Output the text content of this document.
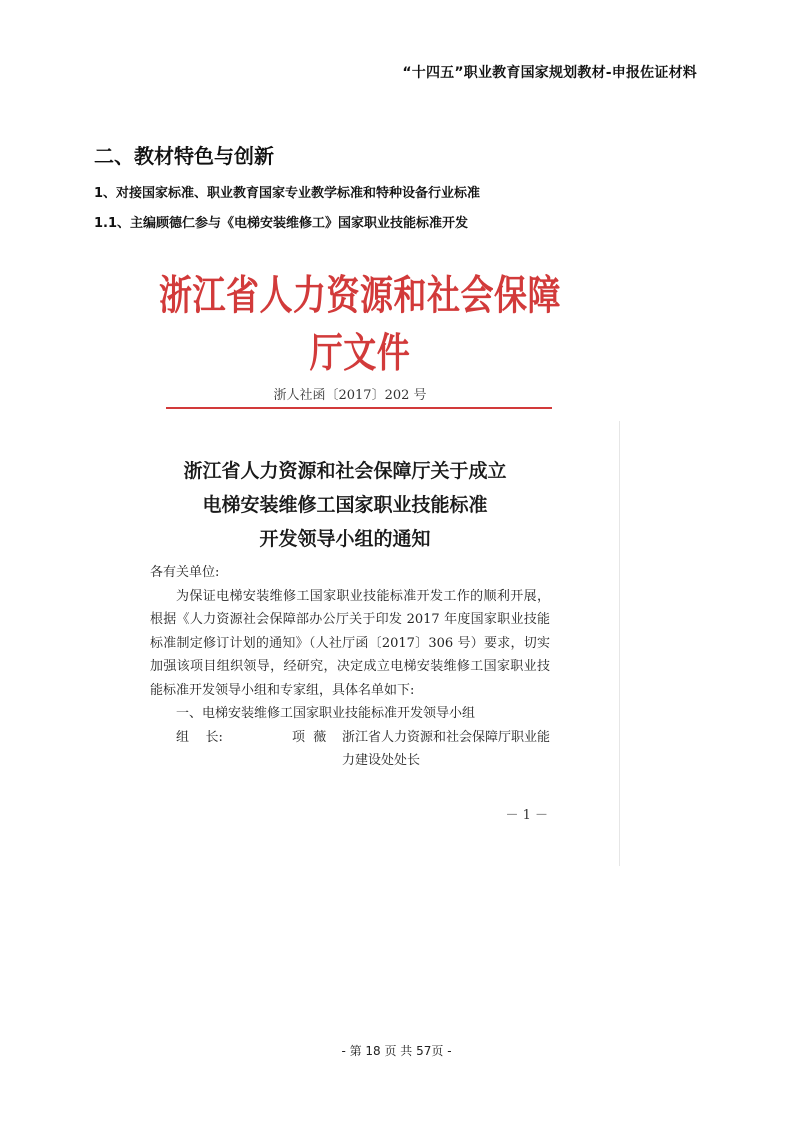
“十四五”职业教育国家规划教材-申报佐证材料
二、教材特色与创新
1、对接国家标准、职业教育国家专业教学标准和特种设备行业标准
1.1、主编顾德仁参与《电梯安装维修工》国家职业技能标准开发
浙江省人力资源和社会保障厅文件
浙人社函〔2017〕202 号
浙江省人力资源和社会保障厅关于成立
电梯安装维修工国家职业技能标准
开发领导小组的通知

各有关单位:

为保证电梯安装维修工国家职业技能标准开发工作的顺利开展，根据《人力资源社会保障部办公厅关于印发 2017 年度国家职业技能标准制定修订计划的通知》（人社厅函〔2017〕306 号）要求，切实加强该项目组织领导，经研究，决定成立电梯安装维修工国家职业技能标准开发领导小组和专家组，具体名单如下:

一、电梯安装维修工国家职业技能标准开发领导小组

组    长:	项  薇	浙江省人力资源和社会保障厅职业能力建设处处长
－ 1 －
- 第 18 页 共 57页 -
